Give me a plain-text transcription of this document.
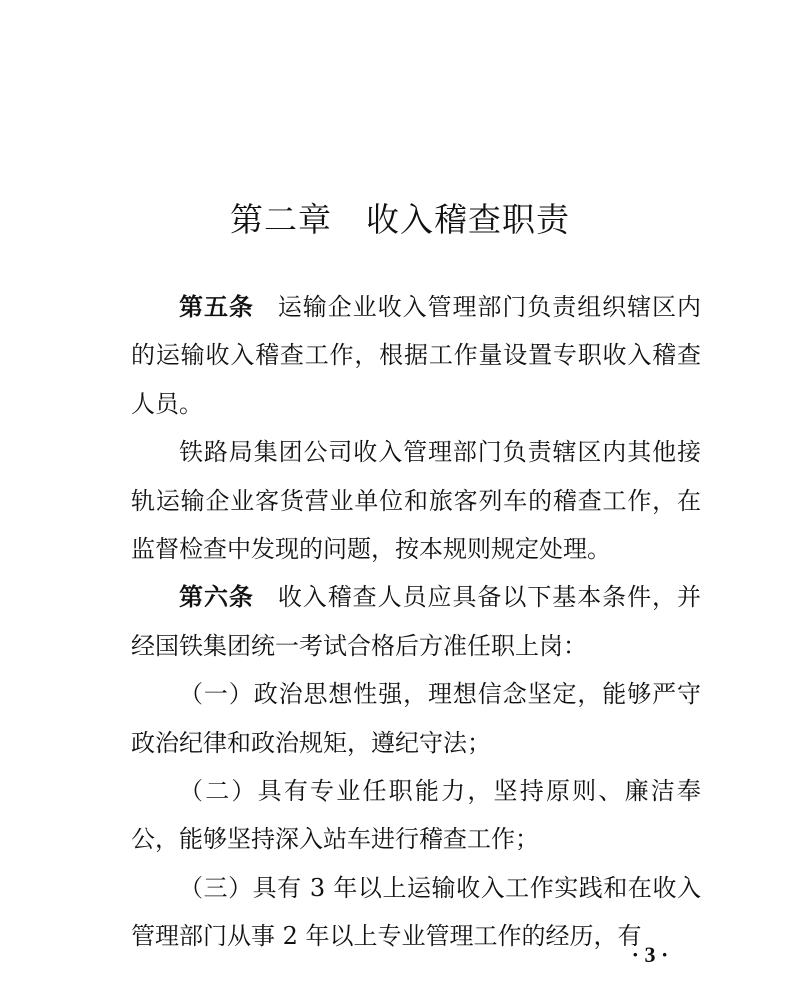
第二章　收入稽查职责

第五条 运输企业收入管理部门负责组织辖区内的运输收入稽查工作，根据工作量设置专职收入稽查人员。

铁路局集团公司收入管理部门负责辖区内其他接轨运输企业客货营业单位和旅客列车的稽查工作，在监督检查中发现的问题，按本规则规定处理。

第六条 收入稽查人员应具备以下基本条件，并经国铁集团统一考试合格后方准任职上岗：

（一）政治思想性强，理想信念坚定，能够严守政治纪律和政治规矩，遵纪守法；

（二）具有专业任职能力，坚持原则、廉洁奉公，能够坚持深入站车进行稽查工作；

（三）具有 3 年以上运输收入工作实践和在收入管理部门从事 2 年以上专业管理工作的经历，有

· 3 ·
